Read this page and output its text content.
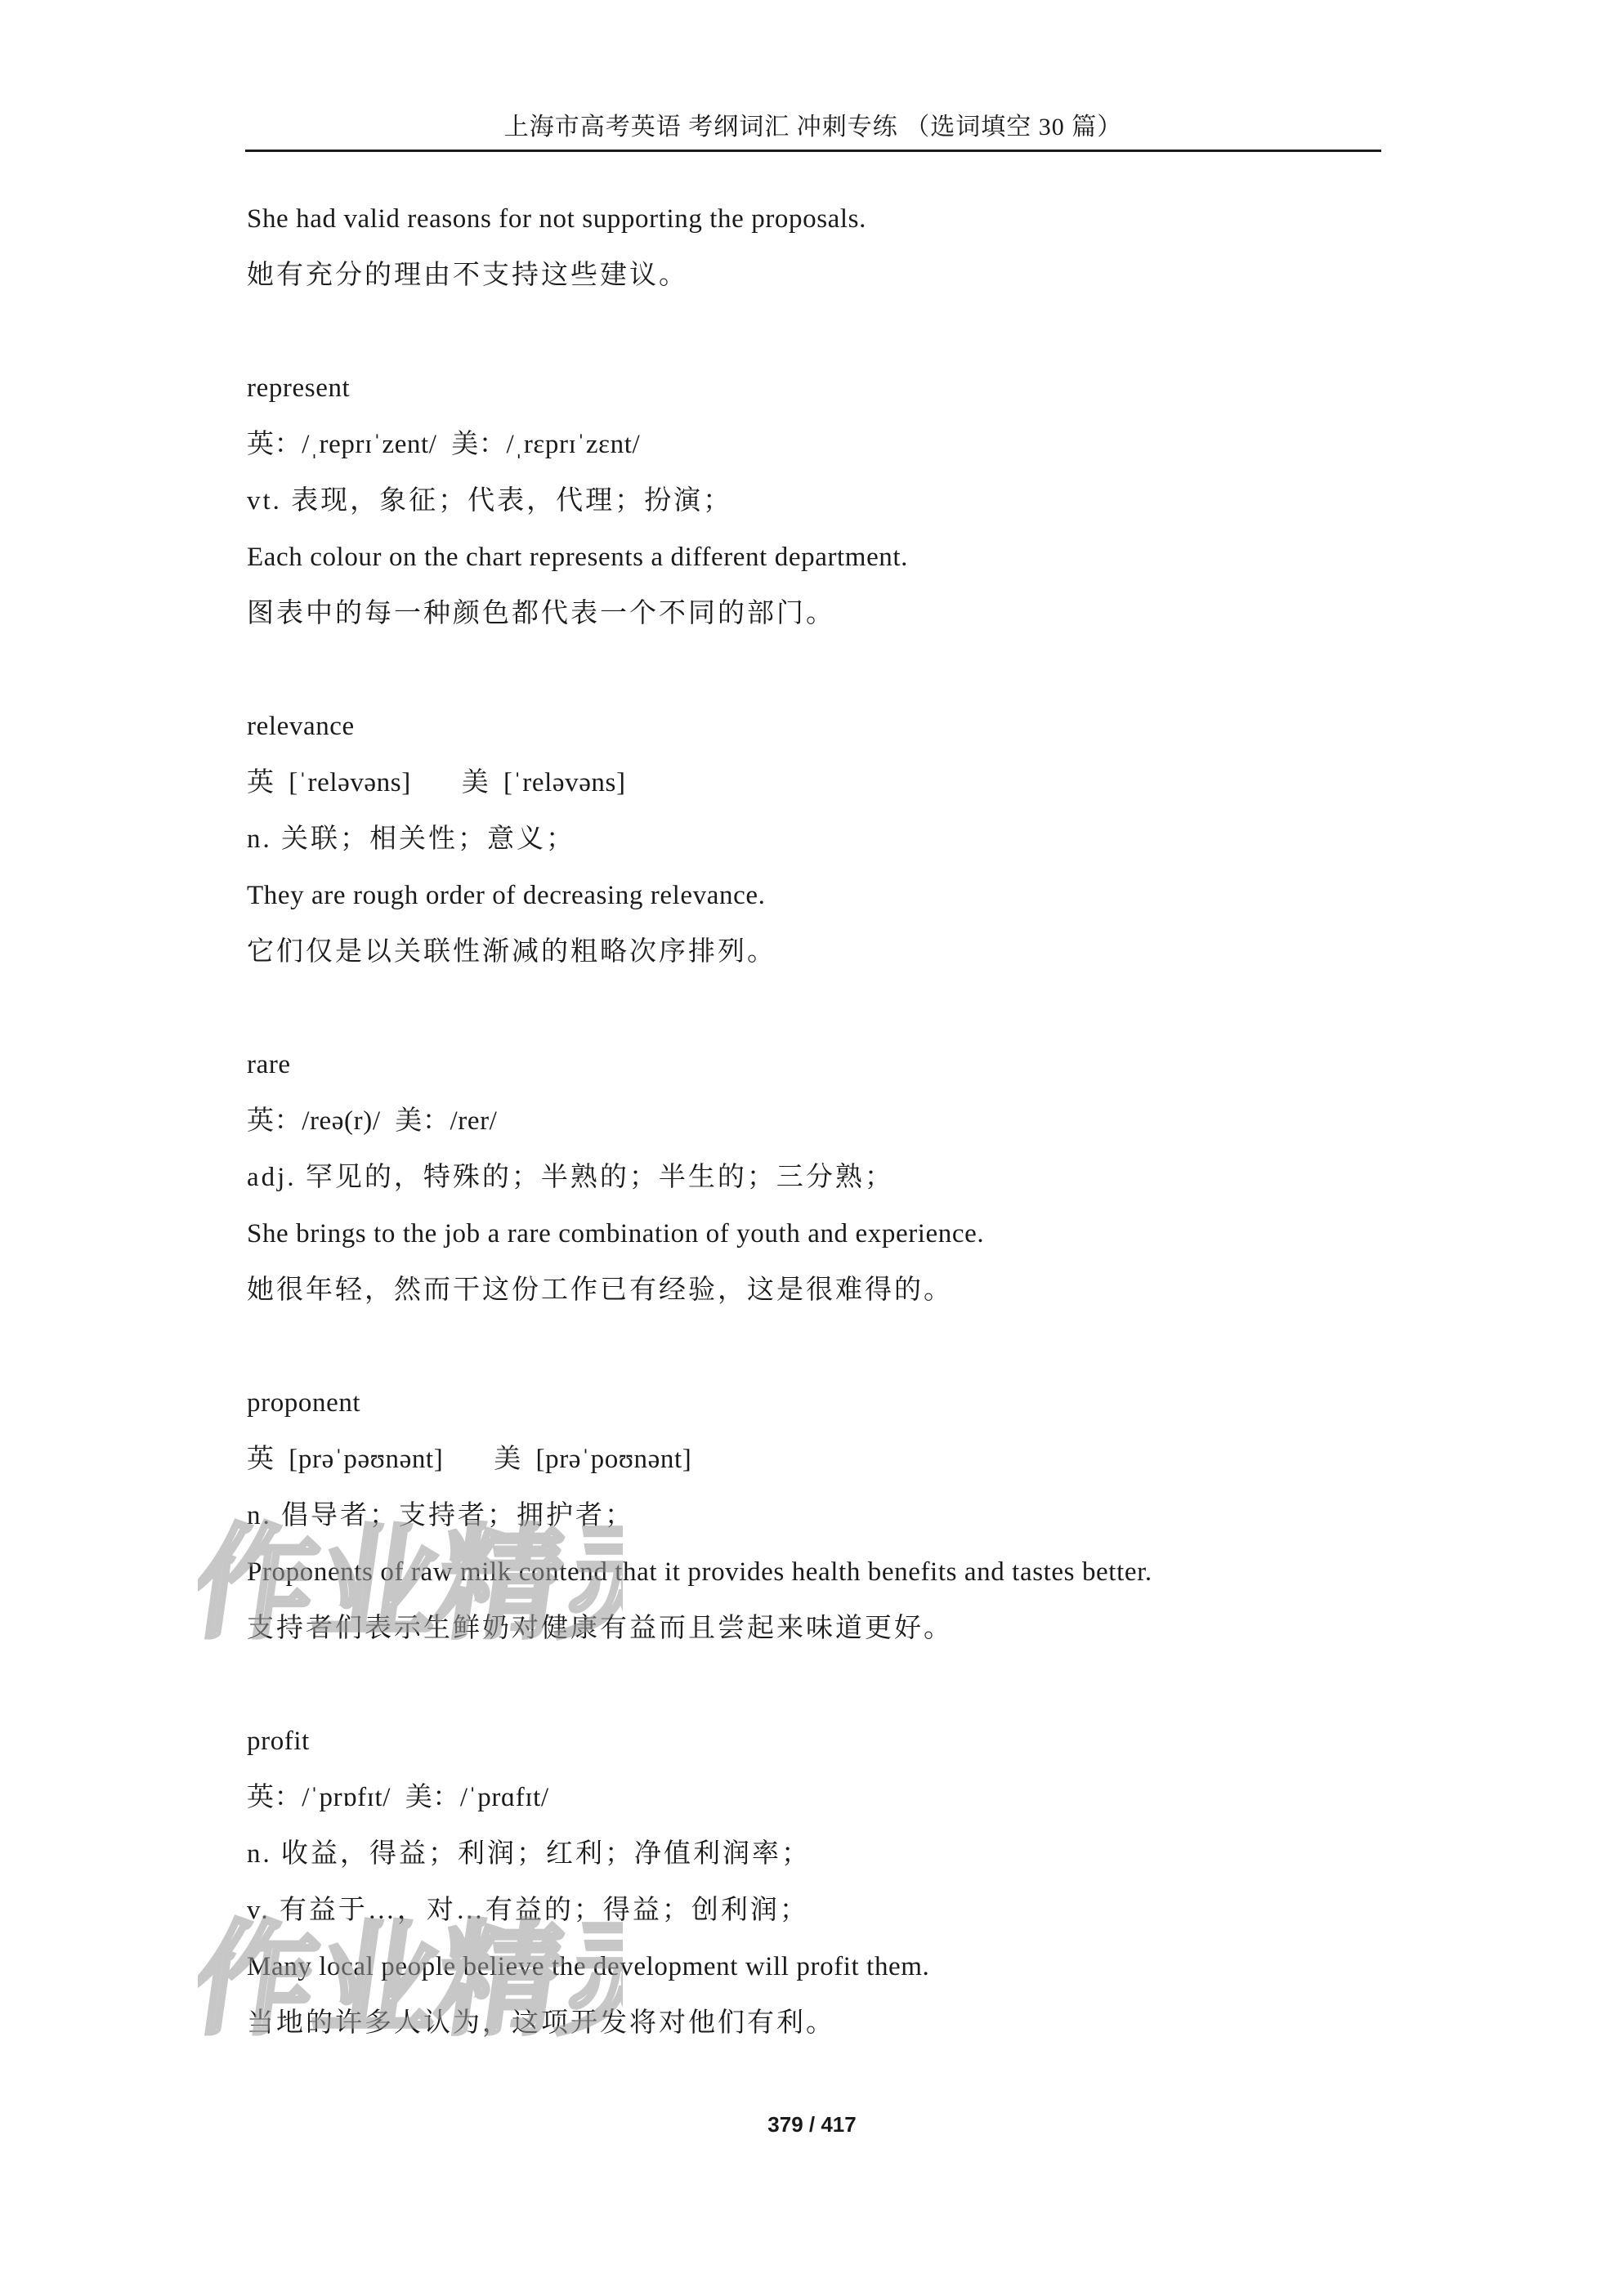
上海市高考英语 考纲词汇 冲刺专练 （选词填空 30 篇）
She had valid reasons for not supporting the proposals.
她有充分的理由不支持这些建议。
represent
英：/ˌreprɪˈzent/  美：/ˌrɛprɪˈzɛnt/
vt. 表现，象征；代表，代理；扮演；
Each colour on the chart represents a different department.
图表中的每一种颜色都代表一个不同的部门。
relevance
英  [ˈreləvəns]       美  [ˈreləvəns]
n. 关联；相关性；意义；
They are rough order of decreasing relevance.
它们仅是以关联性渐减的粗略次序排列。
rare
英：/reə(r)/  美：/rer/
adj. 罕见的，特殊的；半熟的；半生的；三分熟；
She brings to the job a rare combination of youth and experience.
她很年轻，然而干这份工作已有经验，这是很难得的。
proponent
英  [prəˈpəʊnənt]       美  [prəˈpoʊnənt]
n. 倡导者；支持者；拥护者；
Proponents of raw milk contend that it provides health benefits and tastes better.
支持者们表示生鲜奶对健康有益而且尝起来味道更好。
profit
英：/ˈprɒfɪt/  美：/ˈprɑfɪt/
n. 收益，得益；利润；红利；净值利润率；
v. 有益于…，对…有益的；得益；创利润；
Many local people believe the development will profit them.
当地的许多人认为，这项开发将对他们有利。
作业精灵
作业精灵
379 / 417
